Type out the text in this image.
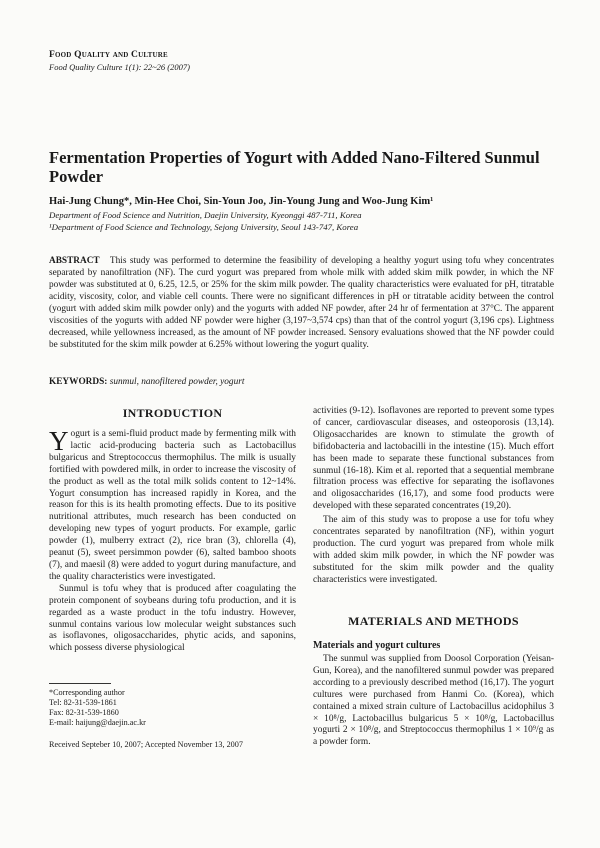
Food Quality and Culture
Food Quality Culture 1(1): 22~26 (2007)
Fermentation Properties of Yogurt with Added Nano-Filtered Sunmul Powder
Hai-Jung Chung*, Min-Hee Choi, Sin-Youn Joo, Jin-Young Jung and Woo-Jung Kim¹
Department of Food Science and Nutrition, Daejin University, Kyeonggi 487-711, Korea
¹Department of Food Science and Technology, Sejong University, Seoul 143-747, Korea
ABSTRACT This study was performed to determine the feasibility of developing a healthy yogurt using tofu whey concentrates separated by nanofiltration (NF). The curd yogurt was prepared from whole milk with added skim milk powder, in which the NF powder was substituted at 0, 6.25, 12.5, or 25% for the skim milk powder. The quality characteristics were evaluated for pH, titratable acidity, viscosity, color, and viable cell counts. There were no significant differences in pH or titratable acidity between the control (yogurt with added skim milk powder only) and the yogurts with added NF powder, after 24 hr of fermentation at 37°C. The apparent viscosities of the yogurts with added NF powder were higher (3,197~3,574 cps) than that of the control yogurt (3,196 cps). Lightness decreased, while yellowness increased, as the amount of NF powder increased. Sensory evaluations showed that the NF powder could be substituted for the skim milk powder at 6.25% without lowering the yogurt quality.
KEYWORDS: sunmul, nanofiltered powder, yogurt
INTRODUCTION
Yogurt is a semi-fluid product made by fermenting milk with lactic acid-producing bacteria such as Lactobacillus bulgaricus and Streptococcus thermophilus. The milk is usually fortified with powdered milk, in order to increase the viscosity of the product as well as the total milk solids content to 12~14%. Yogurt consumption has increased rapidly in Korea, and the reason for this is its health promoting effects. Due to its positive nutritional attributes, much research has been conducted on developing new types of yogurt products. For example, garlic powder (1), mulberry extract (2), rice bran (3), chlorella (4), peanut (5), sweet persimmon powder (6), salted bamboo shoots (7), and maesil (8) were added to yogurt during manufacture, and the quality characteristics were investigated.
Sunmul is tofu whey that is produced after coagulating the protein component of soybeans during tofu production, and it is regarded as a waste product in the tofu industry. However, sunmul contains various low molecular weight substances such as isoflavones, oligosaccharides, phytic acids, and saponins, which possess diverse physiological
*Corresponding author
Tel: 82-31-539-1861
Fax: 82-31-539-1860
E-mail: haijung@daejin.ac.kr
Received Septeber 10, 2007; Accepted November 13, 2007
activities (9-12). Isoflavones are reported to prevent some types of cancer, cardiovascular diseases, and osteoporosis (13,14). Oligosaccharides are known to stimulate the growth of bifidobacteria and lactobacilli in the intestine (15). Much effort has been made to separate these functional substances from sunmul (16-18). Kim et al. reported that a sequential membrane filtration process was effective for separating the isoflavones and oligosaccharides (16,17), and some food products were developed with these separated concentrates (19,20).
The aim of this study was to propose a use for tofu whey concentrates separated by nanofiltration (NF), within yogurt production. The curd yogurt was prepared from whole milk with added skim milk powder, in which the NF powder was substituted for the skim milk powder and the quality characteristics were investigated.
MATERIALS AND METHODS
Materials and yogurt cultures
The sunmul was supplied from Doosol Corporation (Yeisan-Gun, Korea), and the nanofiltered sunmul powder was prepared according to a previously described method (16,17). The yogurt cultures were purchased from Hanmi Co. (Korea), which contained a mixed strain culture of Lactobacillus acidophilus 3 × 10⁸/g, Lactobacillus bulgaricus 5 × 10⁸/g, Lactobacillus yogurti 2 × 10⁸/g, and Streptococcus thermophilus 1 × 10⁹/g as a powder form.
